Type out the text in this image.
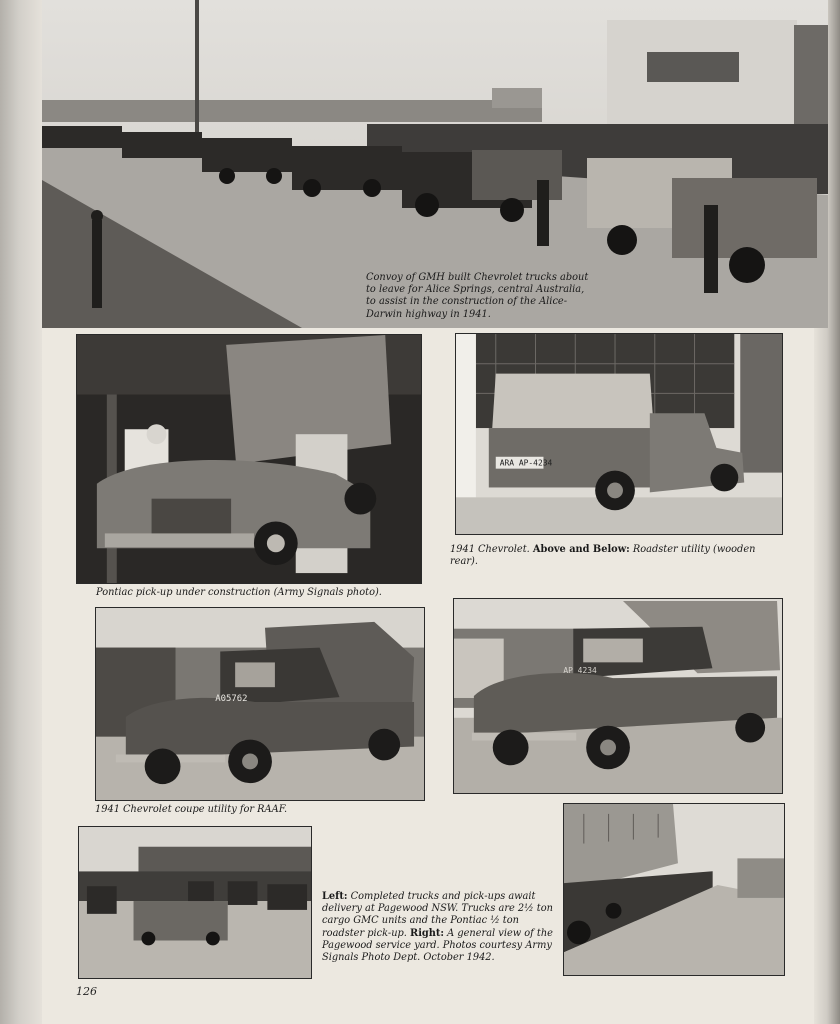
Convoy of GMH built Chevrolet trucks about to leave for Alice Springs, central Australia, to assist in the construction of the Alice-Darwin highway in 1941.
Pontiac pick-up under construction (Army Signals photo).
ARA AP-4234
1941 Chevrolet. Above and Below: Roadster utility (wooden rear).
A05762
1941 Chevrolet coupe utility for RAAF.
AP 4234
Left: Completed trucks and pick-ups await delivery at Pagewood NSW. Trucks are 2½ ton cargo GMC units and the Pontiac ½ ton roadster pick-up. Right: A general view of the Pagewood service yard. Photos courtesy Army Signals Photo Dept. October 1942.
126
